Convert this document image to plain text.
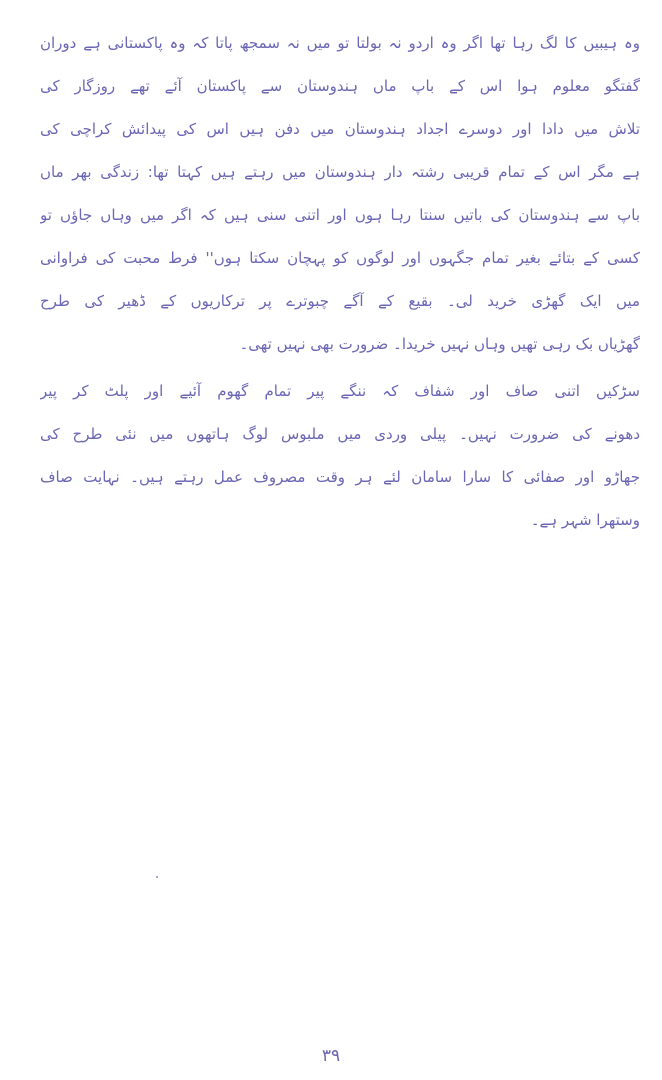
وہ ہیبیں کا لگ رہا تھا اگر وہ اردو نہ بولتا تو میں نہ سمجھ پاتا کہ وہ پاکستانی ہے دوران
گفتگو معلوم ہوا اس کے باپ ماں ہندوستان سے پاکستان آئے تھے روزگار کی
تلاش میں دادا اور دوسرے اجداد ہندوستان میں دفن ہیں اس کی پیدائش کراچی کی
ہے مگر اس کے تمام قریبی رشتہ دار ہندوستان میں رہتے ہیں کہتا تھا: زندگی بھر ماں
باپ سے ہندوستان کی باتیں سنتا رہا ہوں اور اتنی سنی ہیں کہ اگر میں وہاں جاؤں تو
کسی کے بتائے بغیر تمام جگہوں اور لوگوں کو پہچان سکتا ہوں'' فرط محبت کی فراوانی
میں ایک گھڑی خرید لی۔ بقیع کے آگے چبوترے پر ترکاریوں کے ڈھیر کی طرح
گھڑیاں بک رہی تھیں وہاں نہیں خریدا۔ ضرورت بھی نہیں تھی۔
سڑکیں اتنی صاف اور شفاف کہ ننگے پیر تمام گھوم آئیے اور پلٹ کر پیر
دھونے کی ضرورت نہیں۔ پیلی وردی میں ملبوس لوگ ہاتھوں میں نئی طرح کی
جھاڑو اور صفائی کا سارا سامان لئے ہر وقت مصروف عمل رہتے ہیں۔ نہایت صاف
وستھرا شہر ہے۔
۳۹
